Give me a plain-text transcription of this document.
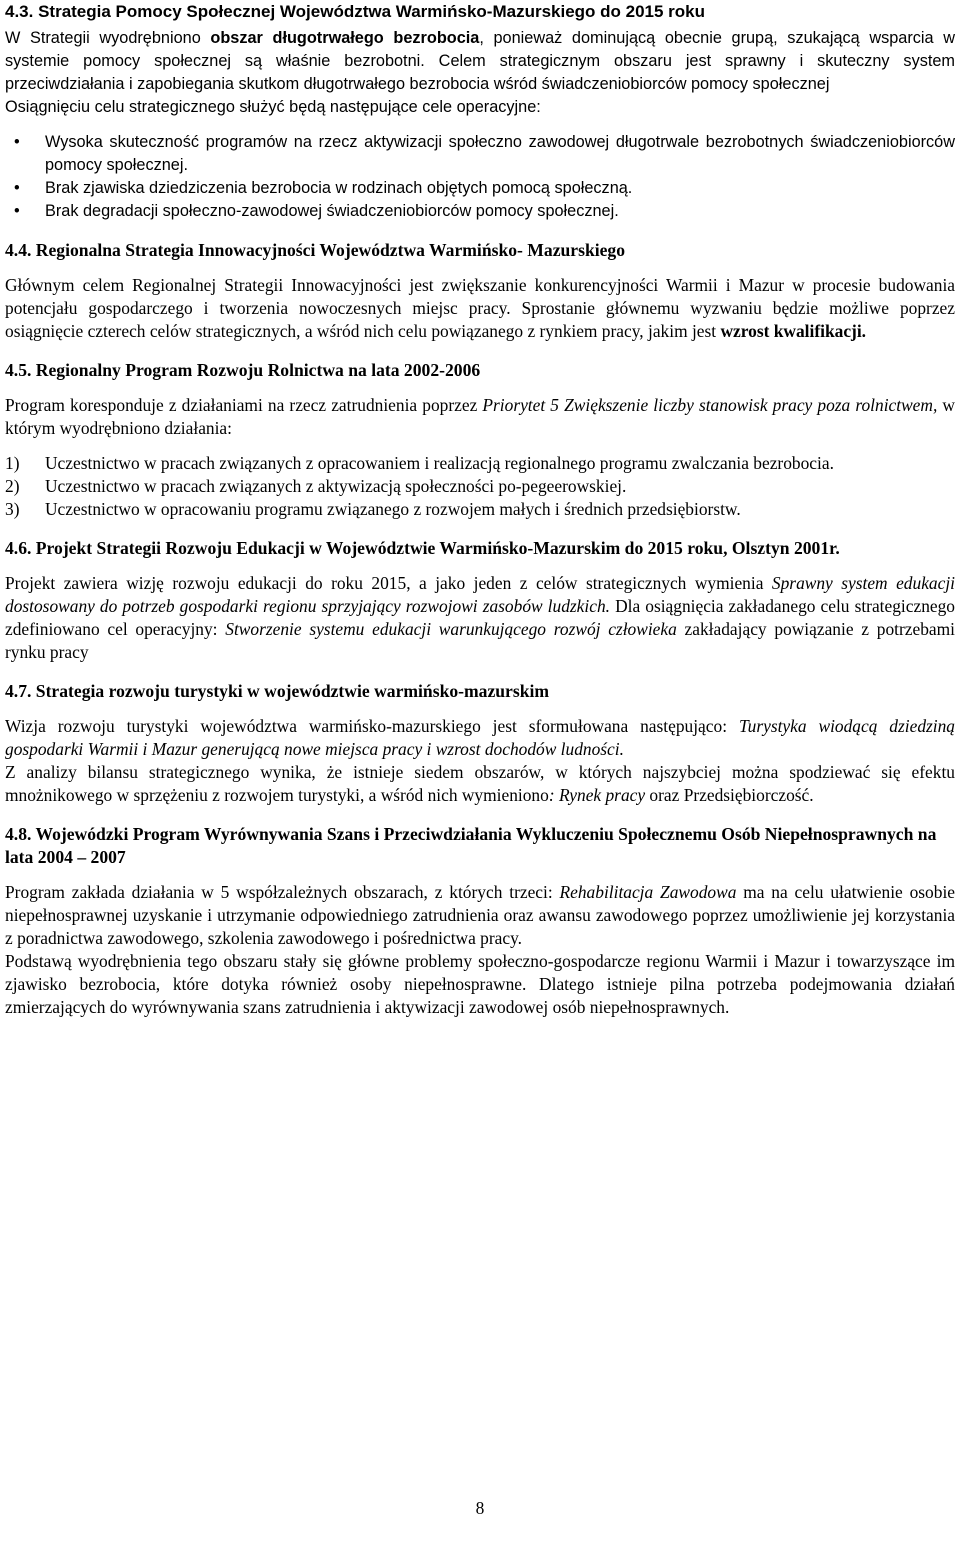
4.3. Strategia Pomocy Społecznej Województwa Warmińsko-Mazurskiego do 2015 roku

W Strategii wyodrębniono obszar długotrwałego bezrobocia, ponieważ dominującą obecnie grupą, szukającą wsparcia w systemie pomocy społecznej są właśnie bezrobotni. Celem strategicznym obszaru jest sprawny i skuteczny system przeciwdziałania i zapobiegania skutkom długotrwałego bezrobocia wśród świadczeniobiorców pomocy społecznej

Osiągnięciu celu strategicznego służyć będą następujące cele operacyjne:

• Wysoka skuteczność programów na rzecz aktywizacji społeczno zawodowej długotrwale bezrobotnych świadczeniobiorców pomocy społecznej.
• Brak zjawiska dziedziczenia bezrobocia w rodzinach objętych pomocą społeczną.
• Brak degradacji społeczno-zawodowej świadczeniobiorców pomocy społecznej.
4.4. Regionalna Strategia Innowacyjności Województwa Warmińsko- Mazurskiego

Głównym celem Regionalnej Strategii Innowacyjności jest zwiększanie konkurencyjności Warmii i Mazur w procesie budowania potencjału gospodarczego i tworzenia nowoczesnych miejsc pracy. Sprostanie głównemu wyzwaniu będzie możliwe poprzez osiągnięcie czterech celów strategicznych, a wśród nich celu powiązanego z rynkiem pracy, jakim jest wzrost kwalifikacji.

4.5. Regionalny Program Rozwoju Rolnictwa na lata 2002-2006

Program koresponduje z działaniami na rzecz zatrudnienia poprzez Priorytet 5 Zwiększenie liczby stanowisk pracy poza rolnictwem, w którym wyodrębniono działania:

1) Uczestnictwo w pracach związanych z opracowaniem i realizacją regionalnego programu zwalczania bezrobocia.
2) Uczestnictwo w pracach związanych z aktywizacją społeczności po-pegeerowskiej.
3) Uczestnictwo w opracowaniu programu związanego z rozwojem małych i średnich przedsiębiorstw.
4.6. Projekt Strategii Rozwoju Edukacji w Województwie Warmińsko-Mazurskim do 2015 roku, Olsztyn 2001r.

Projekt zawiera wizję rozwoju edukacji do roku 2015, a jako jeden z celów strategicznych wymienia Sprawny system edukacji dostosowany do potrzeb gospodarki regionu sprzyjający rozwojowi zasobów ludzkich. Dla osiągnięcia zakładanego celu strategicznego zdefiniowano cel operacyjny: Stworzenie systemu edukacji warunkującego rozwój człowieka zakładający powiązanie z potrzebami rynku pracy

4.7. Strategia rozwoju turystyki w województwie warmińsko-mazurskim

Wizja rozwoju turystyki województwa warmińsko-mazurskiego jest sformułowana następująco: Turystyka wiodącą dziedziną gospodarki Warmii i Mazur generującą nowe miejsca pracy i wzrost dochodów ludności.

Z analizy bilansu strategicznego wynika, że istnieje siedem obszarów, w których najszybciej można spodziewać się efektu mnożnikowego w sprzężeniu z rozwojem turystyki, a wśród nich wymieniono: Rynek pracy oraz Przedsiębiorczość.

4.8. Wojewódzki Program Wyrównywania Szans i Przeciwdziałania Wykluczeniu Społecznemu Osób Niepełnosprawnych na lata 2004 – 2007

Program zakłada działania w 5 współzależnych obszarach, z których trzeci: Rehabilitacja Zawodowa ma na celu ułatwienie osobie niepełnosprawnej uzyskanie i utrzymanie odpowiedniego zatrudnienia oraz awansu zawodowego poprzez umożliwienie jej korzystania z poradnictwa zawodowego, szkolenia zawodowego i pośrednictwa pracy.

Podstawą wyodrębnienia tego obszaru stały się główne problemy społeczno-gospodarcze regionu Warmii i Mazur i towarzyszące im zjawisko bezrobocia, które dotyka również osoby niepełnosprawne. Dlatego istnieje pilna potrzeba podejmowania działań zmierzających do wyrównywania szans zatrudnienia i aktywizacji zawodowej osób niepełnosprawnych.

8
